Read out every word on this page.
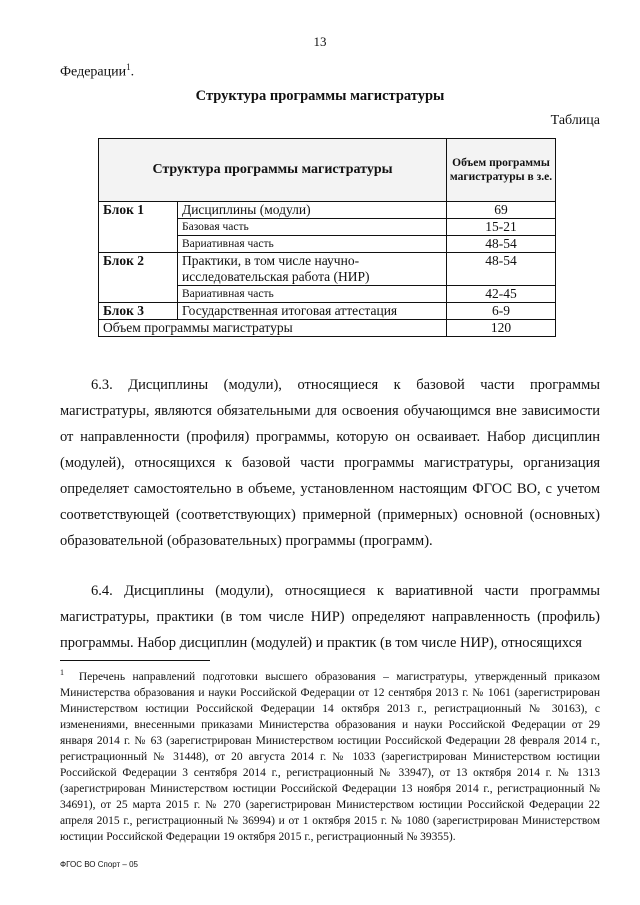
13
Федерации$^1$.
Структура программы магистратуры
Таблица
Структура программы магистратуры		Объем программы магистратуры в з.е.
Блок 1	Дисциплины (модули)	69
	Базовая часть	15-21
	Вариативная часть	48-54
Блок 2	Практики, в том числе научно-исследовательская работа (НИР)	48-54
	Вариативная часть	42-45
Блок 3	Государственная итоговая аттестация	6-9
Объем программы магистратуры		120
6.3. Дисциплины (модули), относящиеся к базовой части программы магистратуры, являются обязательными для освоения обучающимся вне зависимости от направленности (профиля) программы, которую он осваивает. Набор дисциплин (модулей), относящихся к базовой части программы магистратуры, организация определяет самостоятельно в объеме, установленном настоящим ФГОС ВО, с учетом соответствующей (соответствующих) примерной (примерных) основной (основных) образовательной (образовательных) программы (программ).
6.4. Дисциплины (модули), относящиеся к вариативной части программы магистратуры, практики (в том числе НИР) определяют направленность (профиль) программы. Набор дисциплин (модулей) и практик (в том числе НИР), относящихся
$^1$ Перечень направлений подготовки высшего образования – магистратуры, утвержденный приказом Министерства образования и науки Российской Федерации от 12 сентября 2013 г. № 1061 (зарегистрирован Министерством юстиции Российской Федерации 14 октября 2013 г., регистрационный № 30163), с изменениями, внесенными приказами Министерства образования и науки Российской Федерации от 29 января 2014 г. № 63 (зарегистрирован Министерством юстиции Российской Федерации 28 февраля 2014 г., регистрационный № 31448), от 20 августа 2014 г. № 1033 (зарегистрирован Министерством юстиции Российской Федерации 3 сентября 2014 г., регистрационный № 33947), от 13 октября 2014 г. № 1313 (зарегистрирован Министерством юстиции Российской Федерации 13 ноября 2014 г., регистрационный № 34691), от 25 марта 2015 г. № 270 (зарегистрирован Министерством юстиции Российской Федерации 22 апреля 2015 г., регистрационный № 36994) и от 1 октября 2015 г. № 1080 (зарегистрирован Министерством юстиции Российской Федерации 19 октября 2015 г., регистрационный № 39355).
ФГОС ВО Спорт – 05
